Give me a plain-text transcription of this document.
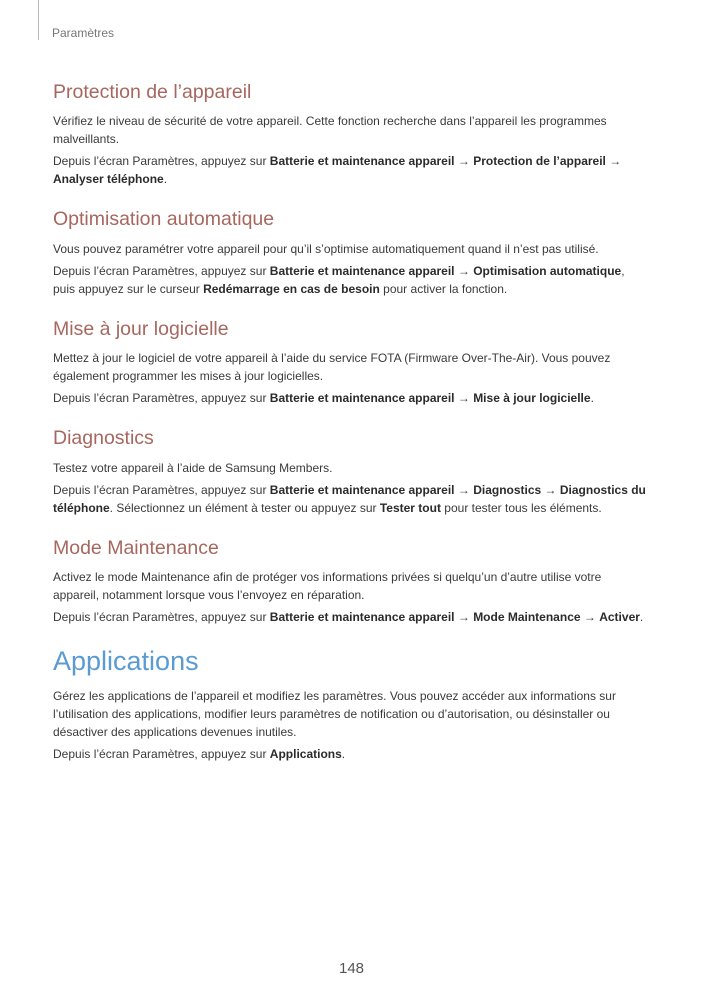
Paramètres
Protection de l’appareil

Vérifiez le niveau de sécurité de votre appareil. Cette fonction recherche dans l’appareil les programmes malveillants.

Depuis l’écran Paramètres, appuyez sur Batterie et maintenance appareil → Protection de l’appareil → Analyser téléphone.

Optimisation automatique

Vous pouvez paramétrer votre appareil pour qu’il s’optimise automatiquement quand il n’est pas utilisé.

Depuis l’écran Paramètres, appuyez sur Batterie et maintenance appareil → Optimisation automatique, puis appuyez sur le curseur Redémarrage en cas de besoin pour activer la fonction.

Mise à jour logicielle

Mettez à jour le logiciel de votre appareil à l’aide du service FOTA (Firmware Over-The-Air). Vous pouvez également programmer les mises à jour logicielles.

Depuis l’écran Paramètres, appuyez sur Batterie et maintenance appareil → Mise à jour logicielle.

Diagnostics

Testez votre appareil à l’aide de Samsung Members.

Depuis l’écran Paramètres, appuyez sur Batterie et maintenance appareil → Diagnostics → Diagnostics du téléphone. Sélectionnez un élément à tester ou appuyez sur Tester tout pour tester tous les éléments.

Mode Maintenance

Activez le mode Maintenance afin de protéger vos informations privées si quelqu’un d’autre utilise votre appareil, notamment lorsque vous l’envoyez en réparation.

Depuis l’écran Paramètres, appuyez sur Batterie et maintenance appareil → Mode Maintenance → Activer.

Applications

Gérez les applications de l’appareil et modifiez les paramètres. Vous pouvez accéder aux informations sur l’utilisation des applications, modifier leurs paramètres de notification ou d’autorisation, ou désinstaller ou désactiver des applications devenues inutiles.

Depuis l’écran Paramètres, appuyez sur Applications.

148
